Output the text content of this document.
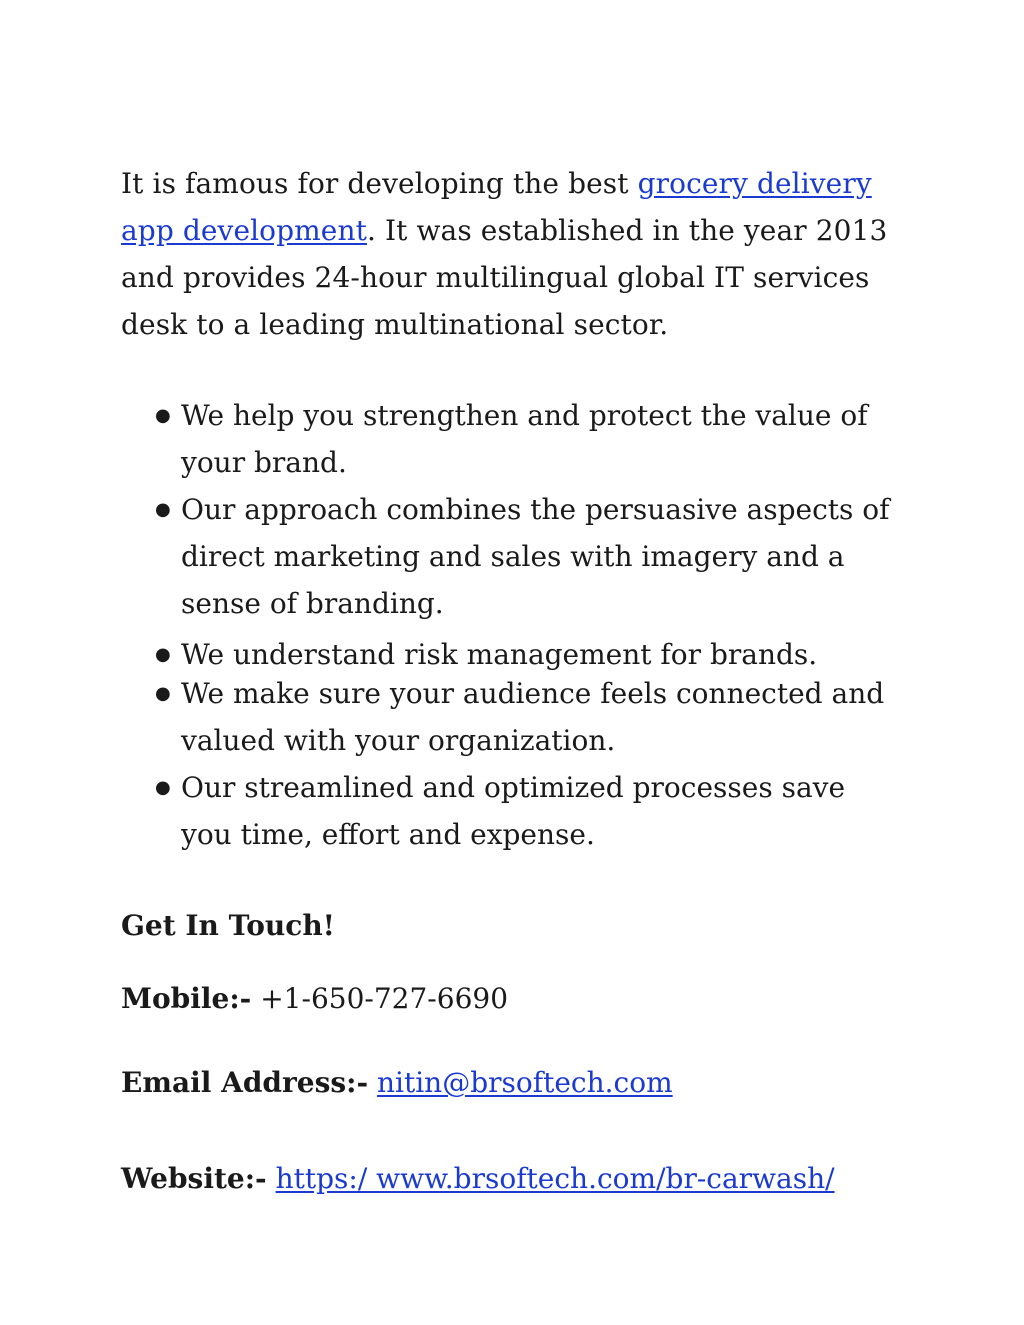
It is famous for developing the best grocery delivery app development. It was established in the year 2013 and provides 24-hour multilingual global IT services desk to a leading multinational sector.

● We help you strengthen and protect the value of your brand.
● Our approach combines the persuasive aspects of direct marketing and sales with imagery and a sense of branding.
● We understand risk management for brands.
● We make sure your audience feels connected and valued with your organization.
● Our streamlined and optimized processes save you time, effort and expense.

Get In Touch!

Mobile:- +1-650-727-6690

Email Address:- nitin@brsoftech.com

Website:- https:/ www.brsoftech.com/br-carwash/
